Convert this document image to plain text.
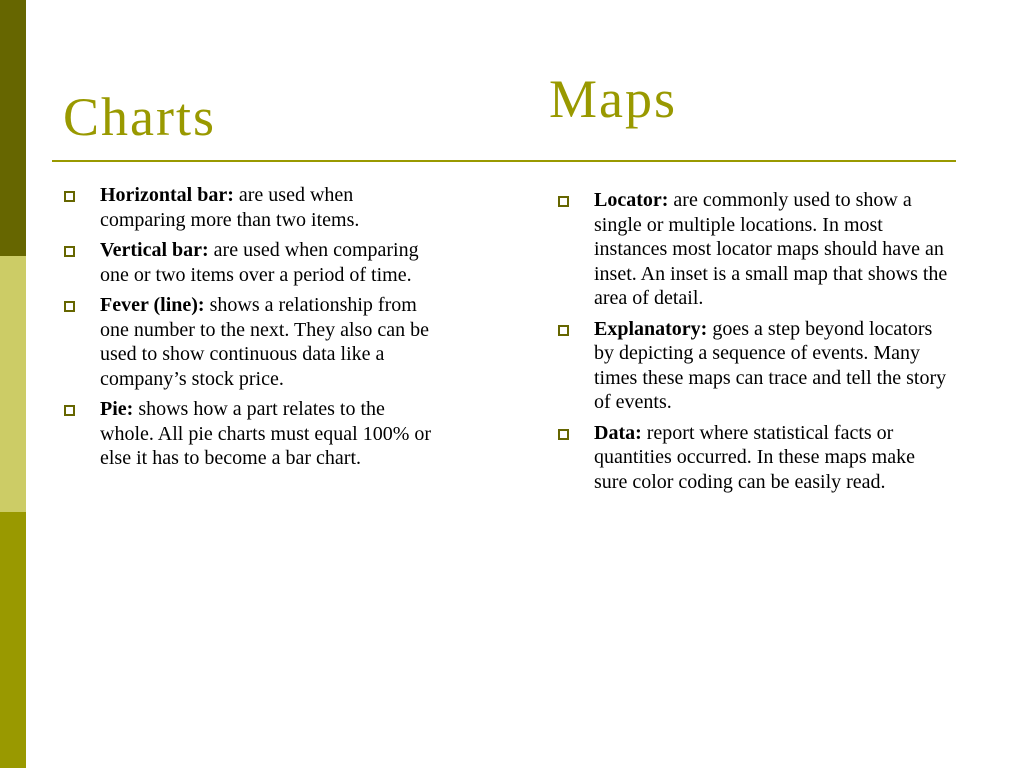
Charts	Maps
Horizontal bar: are used when comparing more than two items.
Vertical bar: are used when comparing one or two items over a period of time.
Fever (line): shows a relationship from one number to the next. They also can be used to show continuous data like a company’s stock price.
Pie: shows how a part relates to the whole. All pie charts must equal 100% or else it has to become a bar chart.
Locator: are commonly used to show a single or multiple locations. In most instances most locator maps should have an inset. An inset is a small map that shows the area of detail.
Explanatory: goes a step beyond locators by depicting a sequence of events. Many times these maps can trace and tell the story of events.
Data: report where statistical facts or quantities occurred. In these maps make sure color coding can be easily read.
